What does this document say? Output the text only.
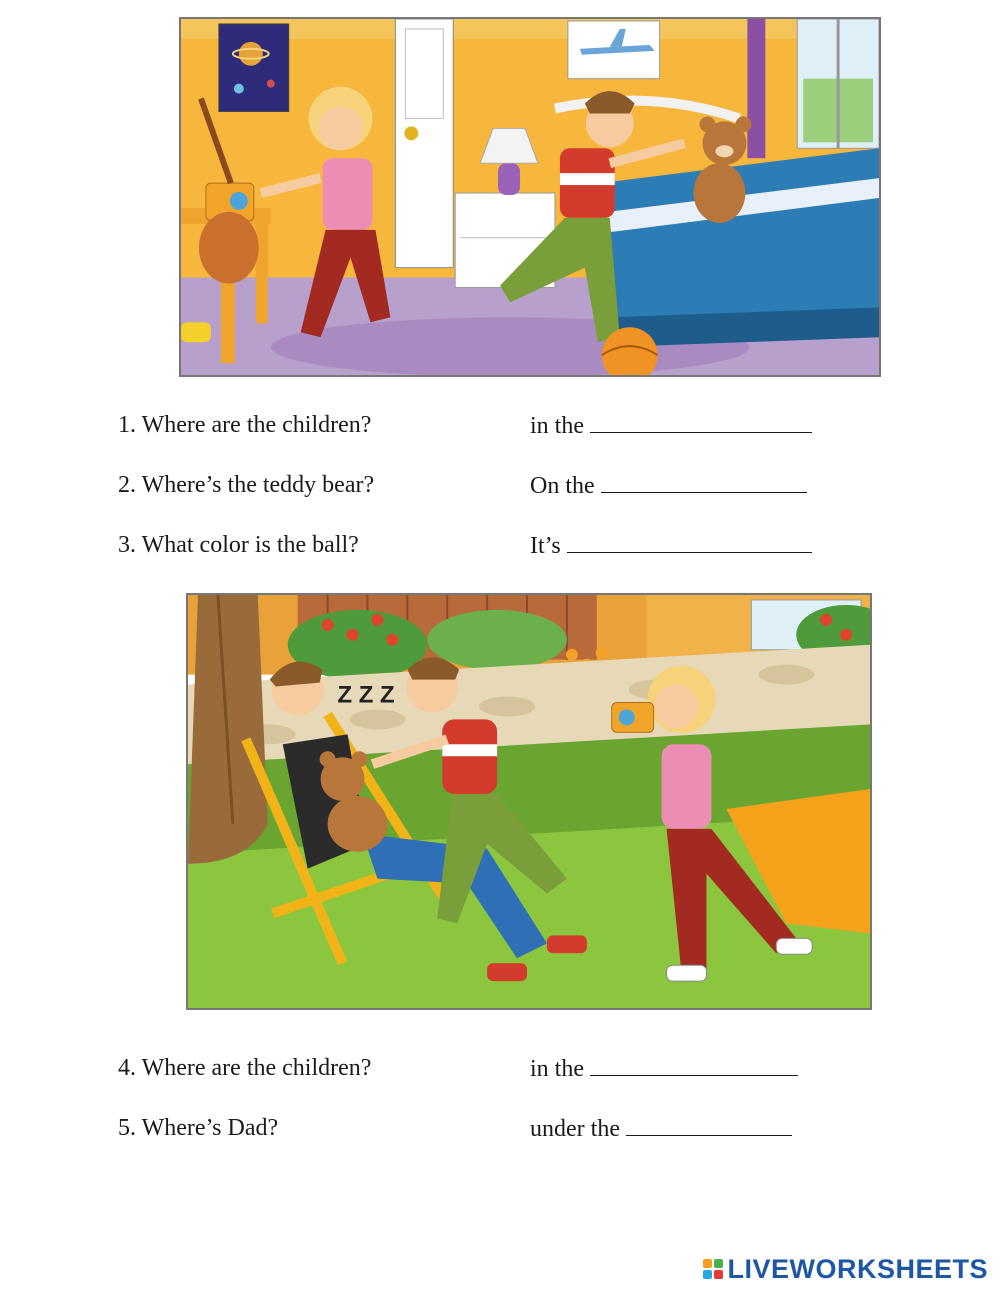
1. Where are the children?	in the
2. Where’s the teddy bear?	On the
3. What color is the ball?	It’s
Z Z Z
4. Where are the children?	in the
5. Where’s Dad?	under the
LIVEWORKSHEETS
